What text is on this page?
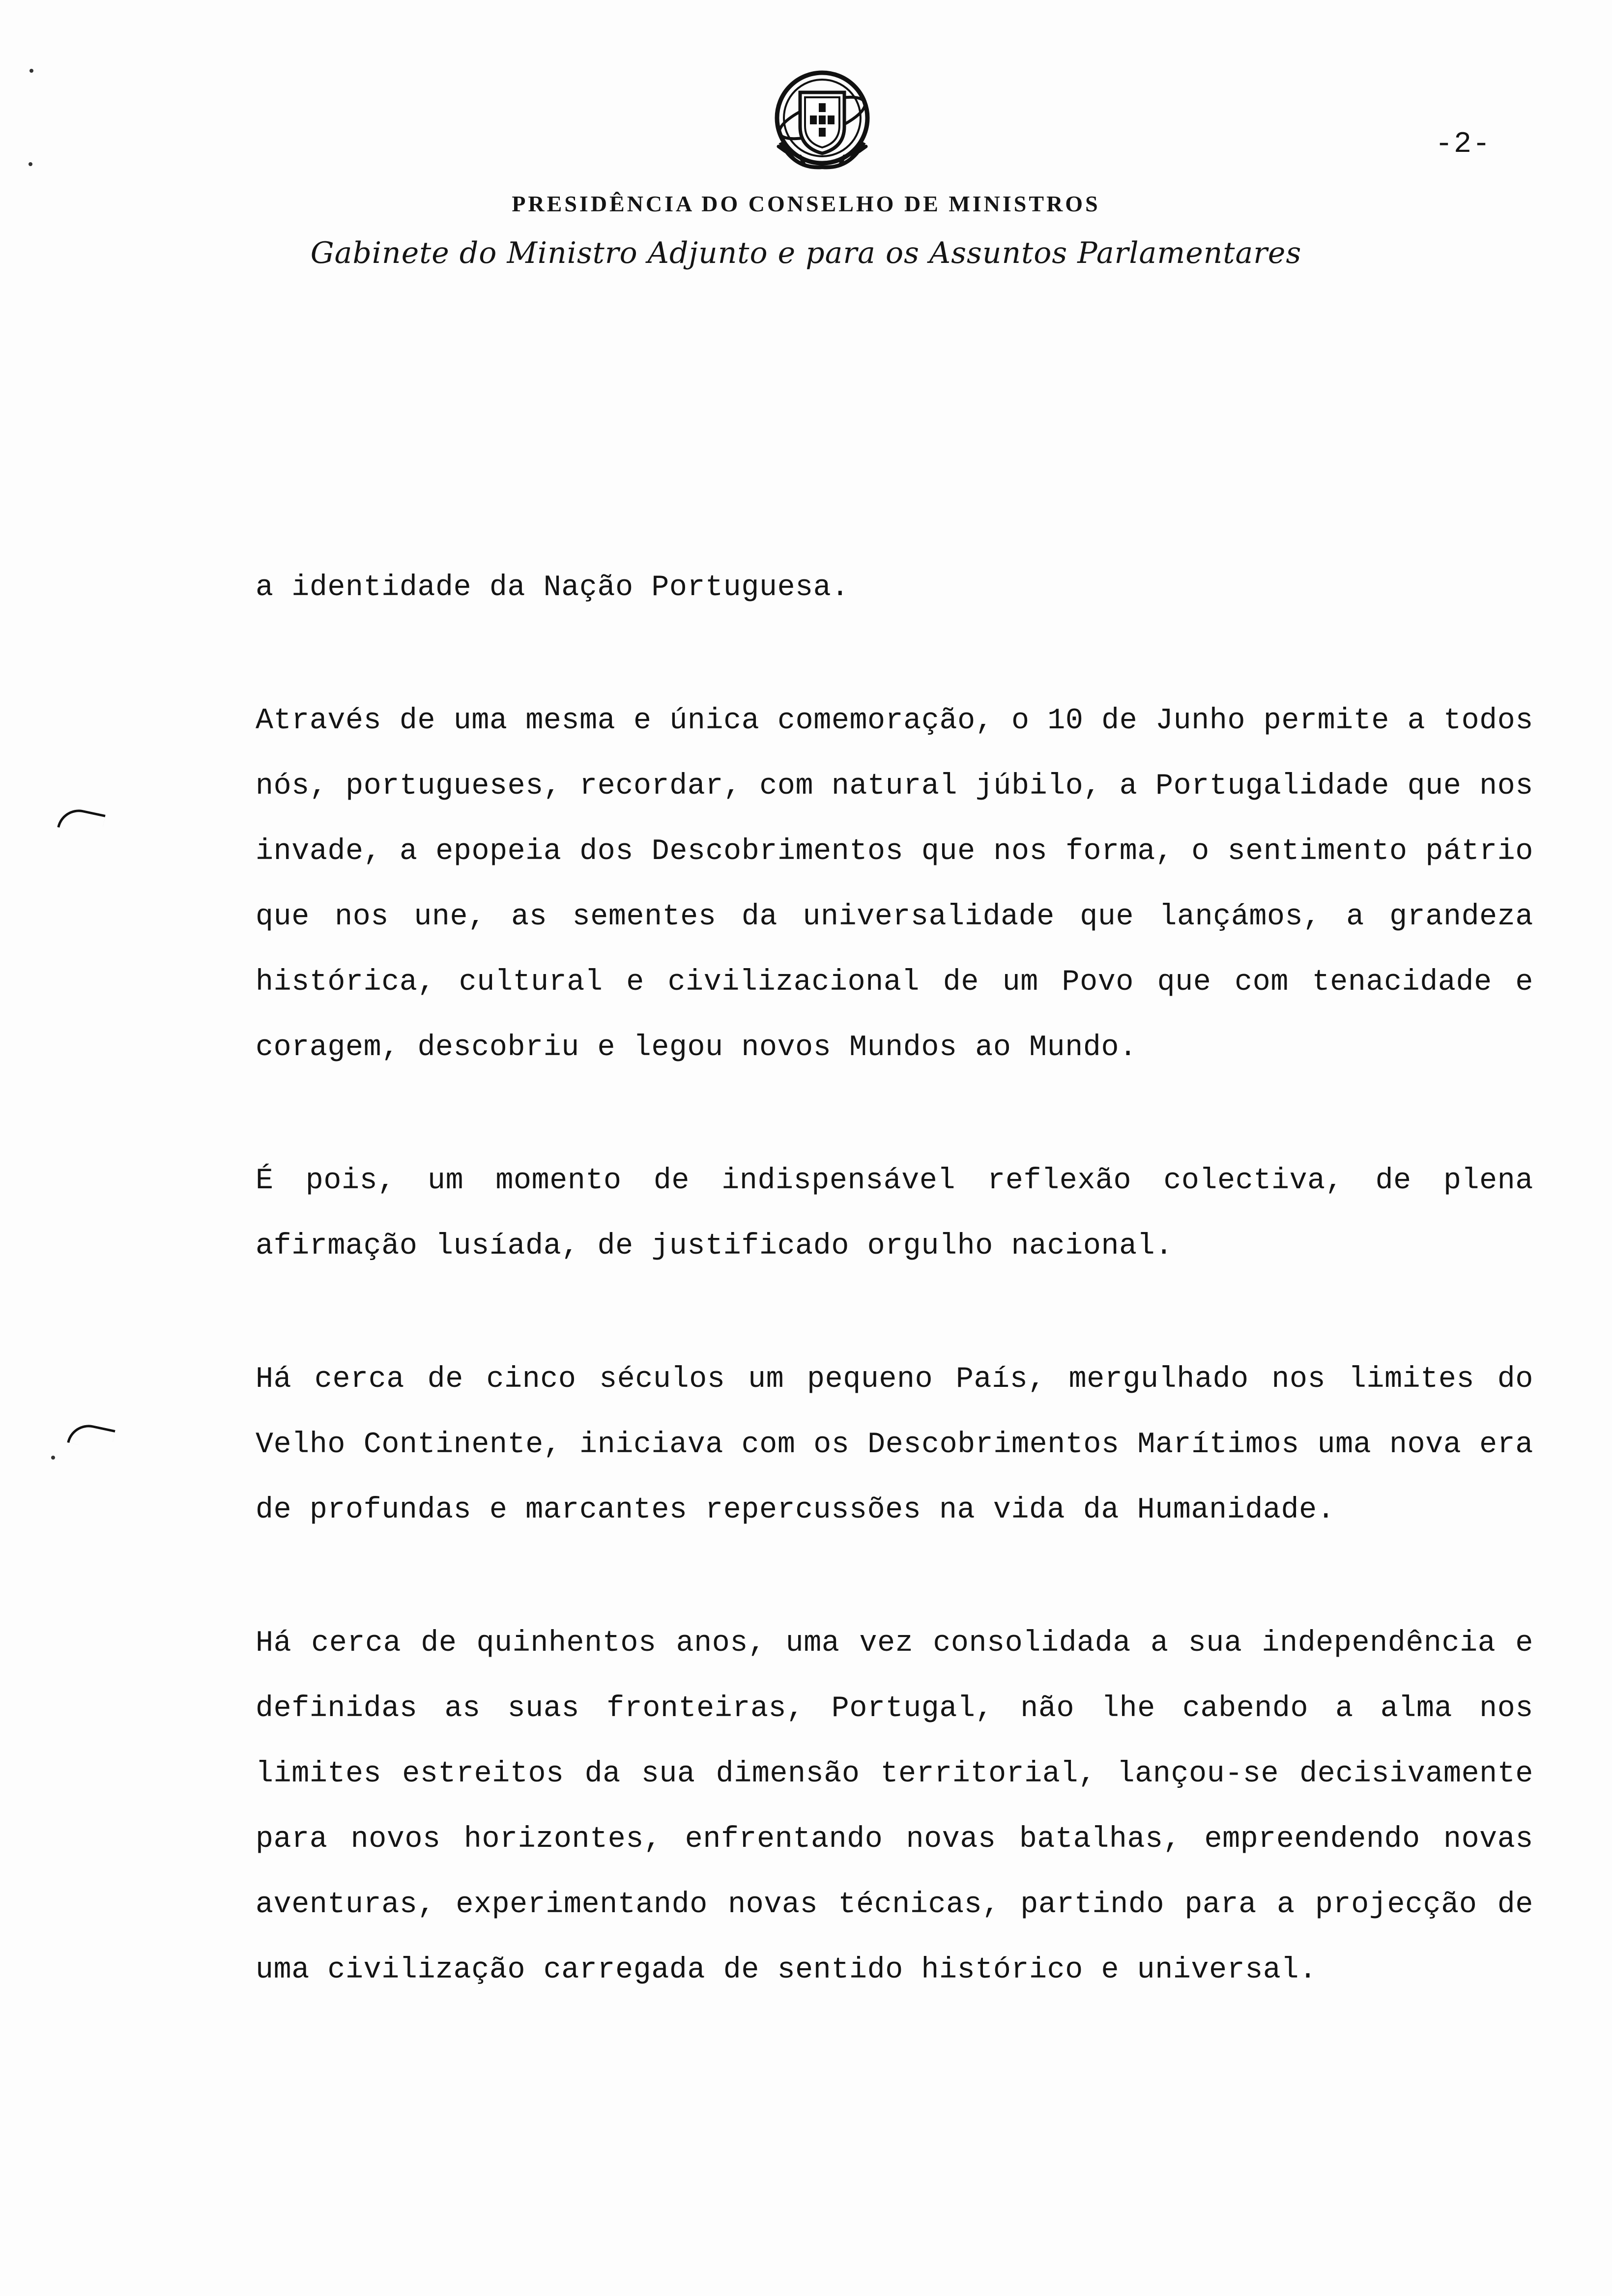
-2-
PRESIDÊNCIA DO CONSELHO DE MINISTROS
Gabinete do Ministro Adjunto e para os Assuntos Parlamentares

a identidade da Nação Portuguesa.

Através de uma mesma e única comemoração, o 10 de Junho permite a todos nós, portugueses, recordar, com natural júbilo, a Portugalidade que nos invade, a epopeia dos Descobrimentos que nos forma, o sentimento pátrio que nos une, as sementes da universalidade que lançámos, a grandeza histórica, cultural e civilizacional de um Povo que com tenacidade e coragem, descobriu e legou novos Mundos ao Mundo.

É pois, um momento de indispensável reflexão colectiva, de plena afirmação lusíada, de justificado orgulho nacional.

Há cerca de cinco séculos um pequeno País, mergulhado nos limites do Velho Continente, iniciava com os Descobrimentos Marítimos uma nova era de profundas e marcantes repercussões na vida da Humanidade.

Há cerca de quinhentos anos, uma vez consolidada a sua independência e definidas as suas fronteiras, Portugal, não lhe cabendo a alma nos limites estreitos da sua dimensão territorial, lançou-se decisivamente para novos horizontes, enfrentando novas batalhas, empreendendo novas aventuras, experimentando novas técnicas, partindo para a projecção de uma civilização carregada de sentido histórico e universal.
